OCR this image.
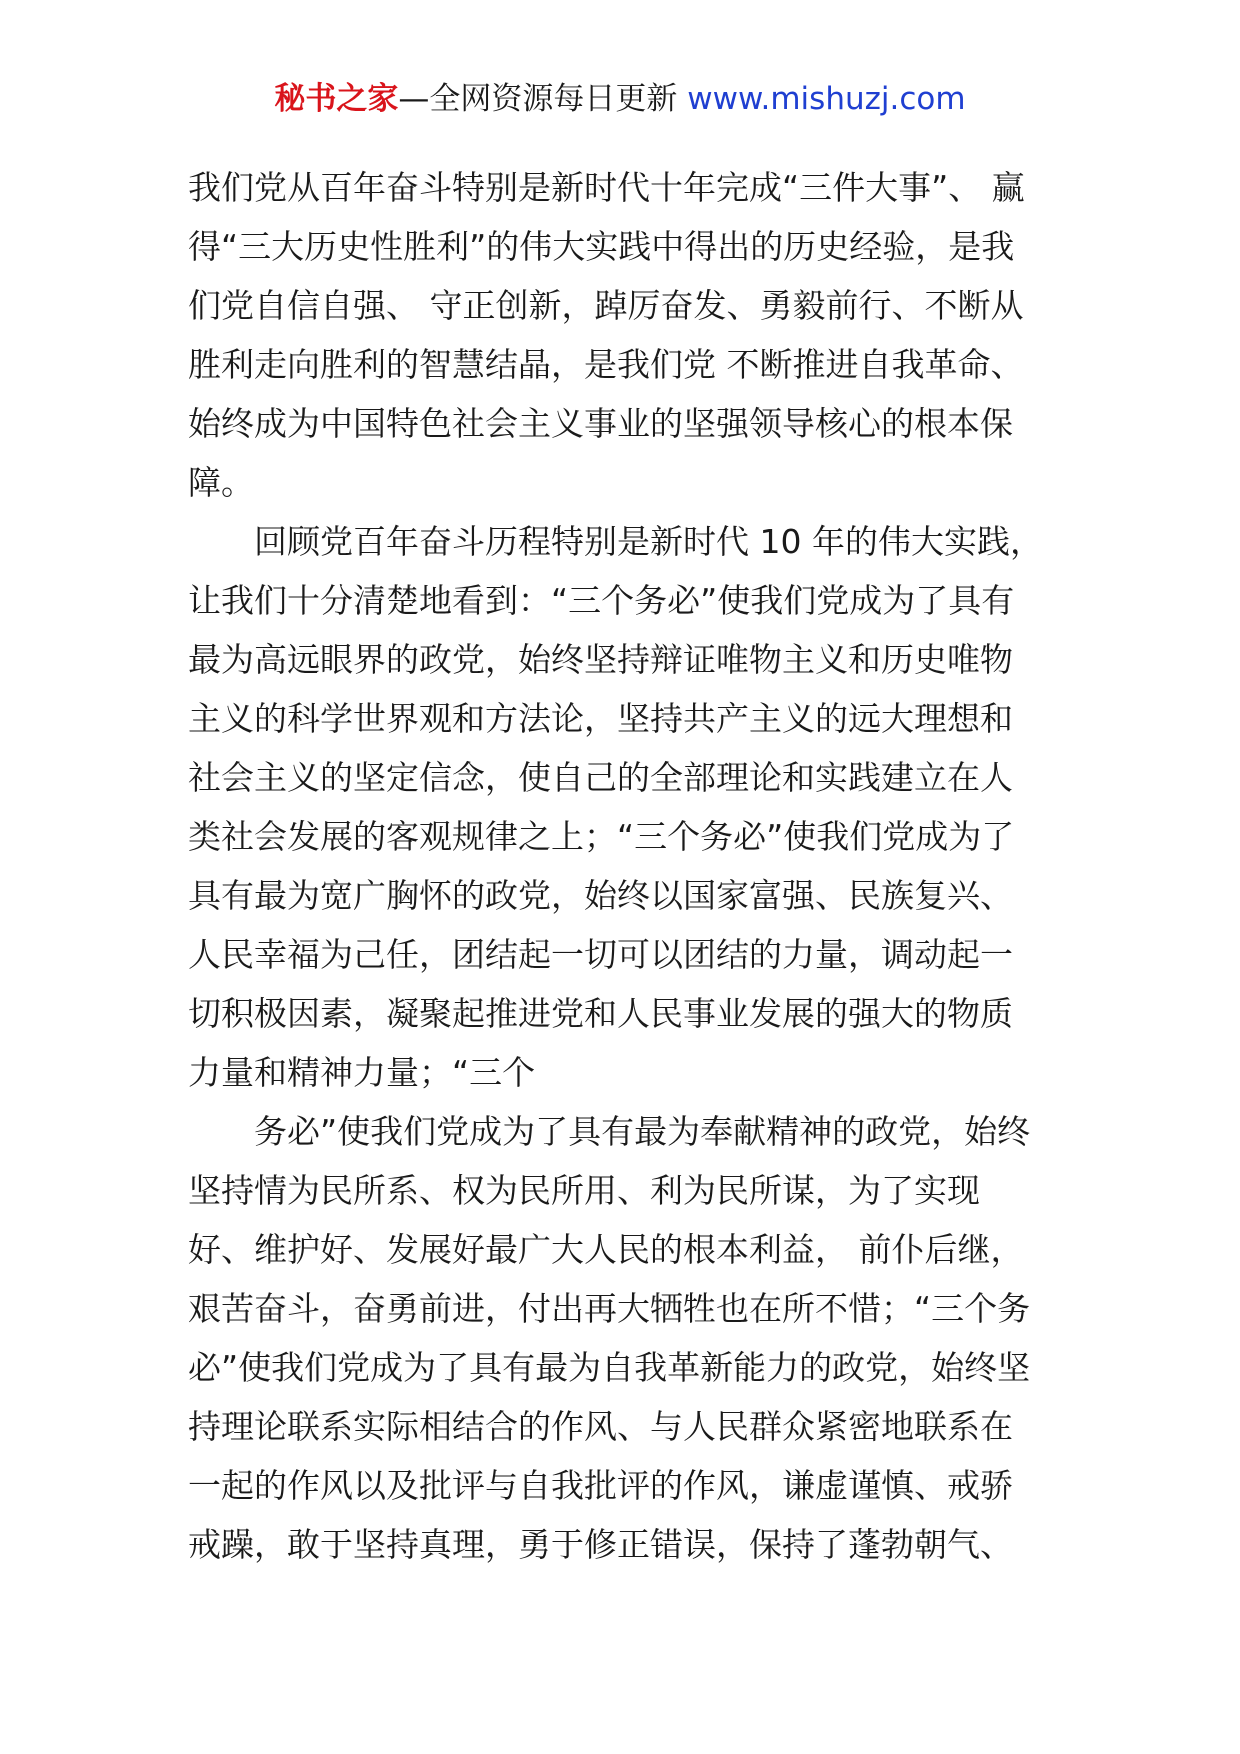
秘书之家—全网资源每日更新 www.mishuzj.com
我们党从百年奋斗特别是新时代十年完成“三件大事”、 赢
得“三大历史性胜利”的伟大实践中得出的历史经验，是我
们党自信自强、 守正创新，踔厉奋发、勇毅前行、不断从
胜利走向胜利的智慧结晶，是我们党 不断推进自我革命、
始终成为中国特色社会主义事业的坚强领导核心的根本保
障。
回顾党百年奋斗历程特别是新时代 10 年的伟大实践，
让我们十分清楚地看到：“三个务必”使我们党成为了具有
最为高远眼界的政党，始终坚持辩证唯物主义和历史唯物
主义的科学世界观和方法论，坚持共产主义的远大理想和
社会主义的坚定信念，使自己的全部理论和实践建立在人
类社会发展的客观规律之上；“三个务必”使我们党成为了
具有最为宽广胸怀的政党，始终以国家富强、民族复兴、
人民幸福为己任，团结起一切可以团结的力量，调动起一
切积极因素，凝聚起推进党和人民事业发展的强大的物质
力量和精神力量；“三个
务必”使我们党成为了具有最为奉献精神的政党，始终
坚持情为民所系、权为民所用、利为民所谋，为了实现
好、维护好、发展好最广大人民的根本利益， 前仆后继，
艰苦奋斗，奋勇前进，付出再大牺牲也在所不惜；“三个务
必”使我们党成为了具有最为自我革新能力的政党，始终坚
持理论联系实际相结合的作风、与人民群众紧密地联系在
一起的作风以及批评与自我批评的作风，谦虚谨慎、戒骄
戒躁，敢于坚持真理，勇于修正错误，保持了蓬勃朝气、
